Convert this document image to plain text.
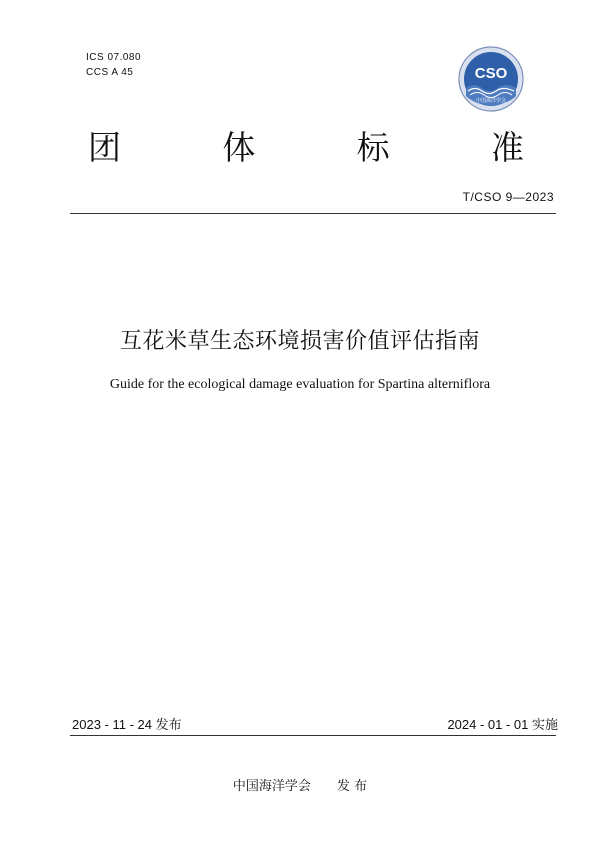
ICS 07.080
CCS A 45	CSO
中国海洋学会
团	体	标	准
T/CSO 9—2023
互花米草生态环境损害价值评估指南
Guide for the ecological damage evaluation for Spartina alterniflora
2023 - 11 - 24 发布	2024 - 01 - 01 实施
中国海洋学会 发 布
